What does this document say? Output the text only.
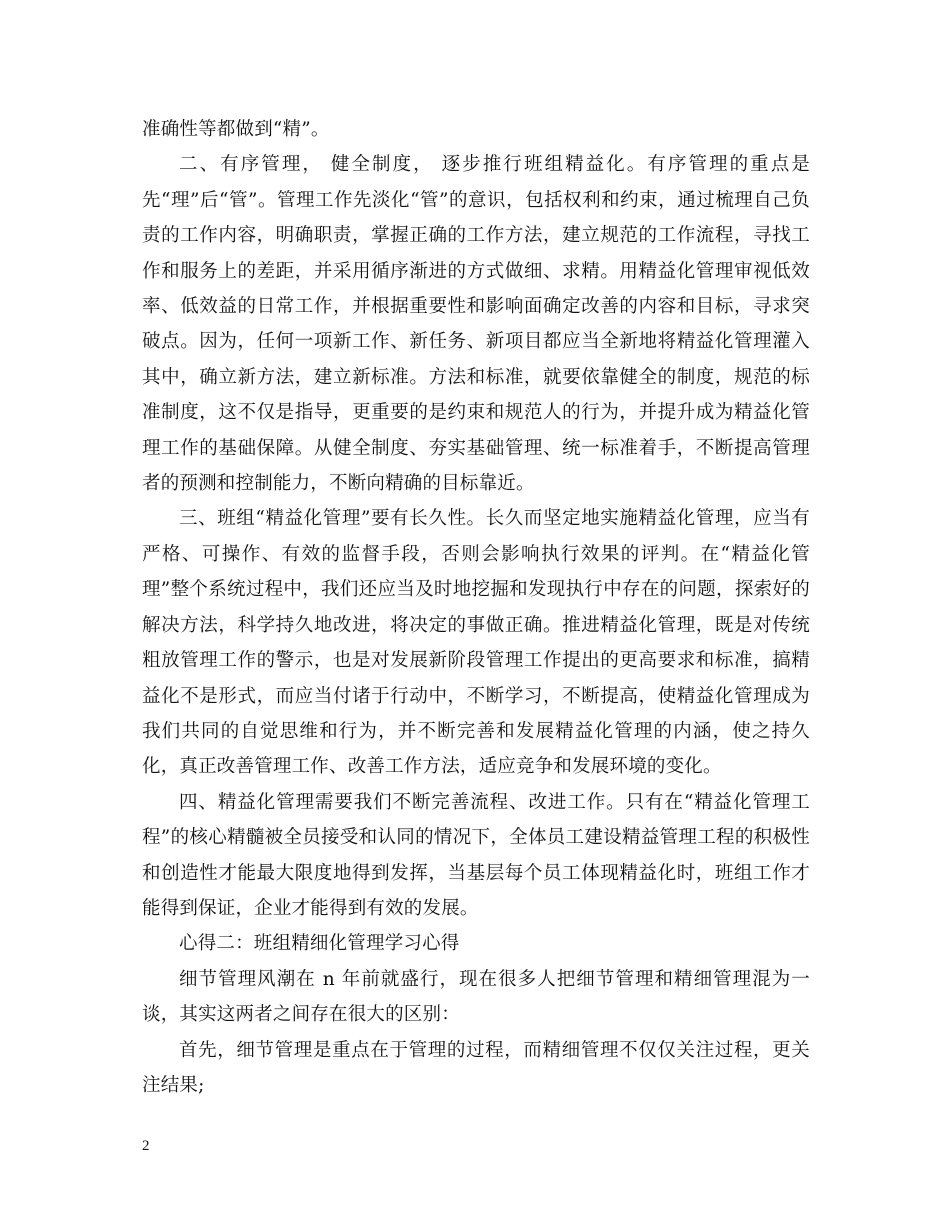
准确性等都做到“精”。

二、有序管理， 健全制度， 逐步推行班组精益化。有序管理的重点是先“理”后“管”。管理工作先淡化“管”的意识，包括权利和约束，通过梳理自己负责的工作内容，明确职责，掌握正确的工作方法，建立规范的工作流程，寻找工作和服务上的差距，并采用循序渐进的方式做细、求精。用精益化管理审视低效率、低效益的日常工作，并根据重要性和影响面确定改善的内容和目标，寻求突破点。因为，任何一项新工作、新任务、新项目都应当全新地将精益化管理灌入其中，确立新方法，建立新标准。方法和标准，就要依靠健全的制度，规范的标准制度，这不仅是指导，更重要的是约束和规范人的行为，并提升成为精益化管理工作的基础保障。从健全制度、夯实基础管理、统一标准着手，不断提高管理者的预测和控制能力，不断向精确的目标靠近。

三、班组“精益化管理”要有长久性。长久而坚定地实施精益化管理，应当有严格、可操作、有效的监督手段，否则会影响执行效果的评判。在“精益化管理”整个系统过程中，我们还应当及时地挖掘和发现执行中存在的问题，探索好的解决方法，科学持久地改进，将决定的事做正确。推进精益化管理，既是对传统粗放管理工作的警示，也是对发展新阶段管理工作提出的更高要求和标准，搞精益化不是形式，而应当付诸于行动中，不断学习，不断提高，使精益化管理成为我们共同的自觉思维和行为，并不断完善和发展精益化管理的内涵，使之持久化，真正改善管理工作、改善工作方法，适应竞争和发展环境的变化。

四、精益化管理需要我们不断完善流程、改进工作。只有在“精益化管理工程”的核心精髓被全员接受和认同的情况下，全体员工建设精益管理工程的积极性和创造性才能最大限度地得到发挥，当基层每个员工体现精益化时，班组工作才能得到保证，企业才能得到有效的发展。

心得二：班组精细化管理学习心得

细节管理风潮在 n 年前就盛行，现在很多人把细节管理和精细管理混为一谈，其实这两者之间存在很大的区别：

首先，细节管理是重点在于管理的过程，而精细管理不仅仅关注过程，更关注结果;

2
